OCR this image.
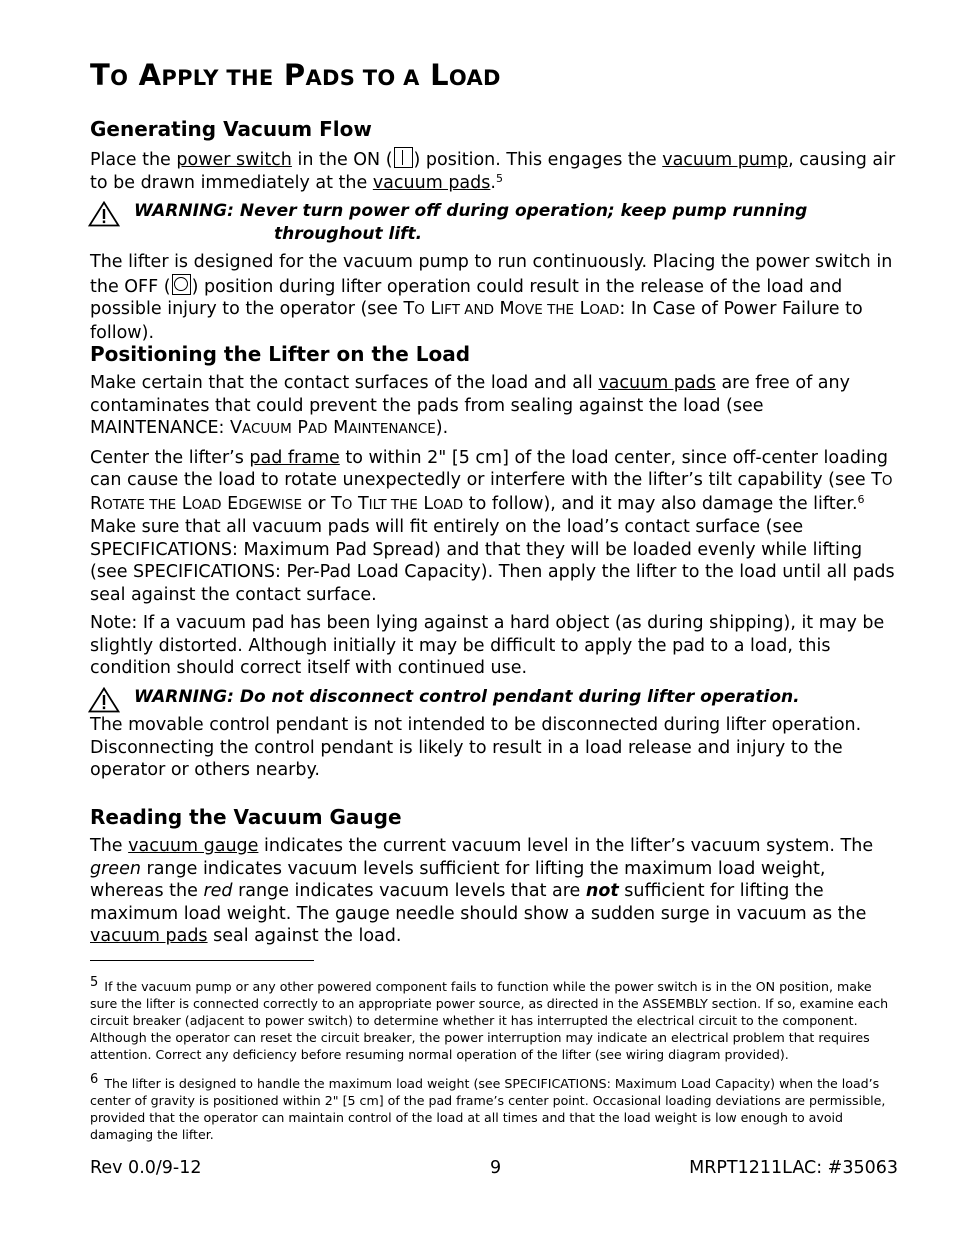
TO APPLY THE PADS TO A LOAD
Generating Vacuum Flow

Place the power switch in the ON ( ) position. This engages the vacuum pump, causing air to be drawn immediately at the vacuum pads.$^5$

WARNING: Never turn power off during operation; keep pump running
throughout lift.

The lifter is designed for the vacuum pump to run continuously. Placing the power switch in the OFF ( ) position during lifter operation could result in the release of the load and possible injury to the operator (see TO LIFT AND MOVE THE LOAD: In Case of Power Failure to follow).

Positioning the Lifter on the Load

Make certain that the contact surfaces of the load and all vacuum pads are free of any contaminates that could prevent the pads from sealing against the load (see MAINTENANCE: VACUUM PAD MAINTENANCE).

Center the lifter’s pad frame to within 2" [5 cm] of the load center, since off-center loading can cause the load to rotate unexpectedly or interfere with the lifter’s tilt capability (see TO ROTATE THE LOAD EDGEWISE or TO TILT THE LOAD to follow), and it may also damage the lifter.$^6$ Make sure that all vacuum pads will fit entirely on the load’s contact surface (see SPECIFICATIONS: Maximum Pad Spread) and that they will be loaded evenly while lifting (see SPECIFICATIONS: Per-Pad Load Capacity). Then apply the lifter to the load until all pads seal against the contact surface.

Note: If a vacuum pad has been lying against a hard object (as during shipping), it may be slightly distorted. Although initially it may be difficult to apply the pad to a load, this condition should correct itself with continued use.

WARNING: Do not disconnect control pendant during lifter operation.

The movable control pendant is not intended to be disconnected during lifter operation. Disconnecting the control pendant is likely to result in a load release and injury to the operator or others nearby.

Reading the Vacuum Gauge

The vacuum gauge indicates the current vacuum level in the lifter’s vacuum system. The green range indicates vacuum levels sufficient for lifting the maximum load weight, whereas the red range indicates vacuum levels that are not sufficient for lifting the maximum load weight. The gauge needle should show a sudden surge in vacuum as the vacuum pads seal against the load.

5 If the vacuum pump or any other powered component fails to function while the power switch is in the ON position, make sure the lifter is connected correctly to an appropriate power source, as directed in the ASSEMBLY section. If so, examine each circuit breaker (adjacent to power switch) to determine whether it has interrupted the electrical circuit to the component. Although the operator can reset the circuit breaker, the power interruption may indicate an electrical problem that requires attention. Correct any deficiency before resuming normal operation of the lifter (see wiring diagram provided).

6 The lifter is designed to handle the maximum load weight (see SPECIFICATIONS: Maximum Load Capacity) when the load’s center of gravity is positioned within 2" [5 cm] of the pad frame’s center point. Occasional loading deviations are permissible, provided that the operator can maintain control of the load at all times and that the load weight is low enough to avoid damaging the lifter.

Rev 0.0/9-12	9	MRPT1211LAC: #35063
